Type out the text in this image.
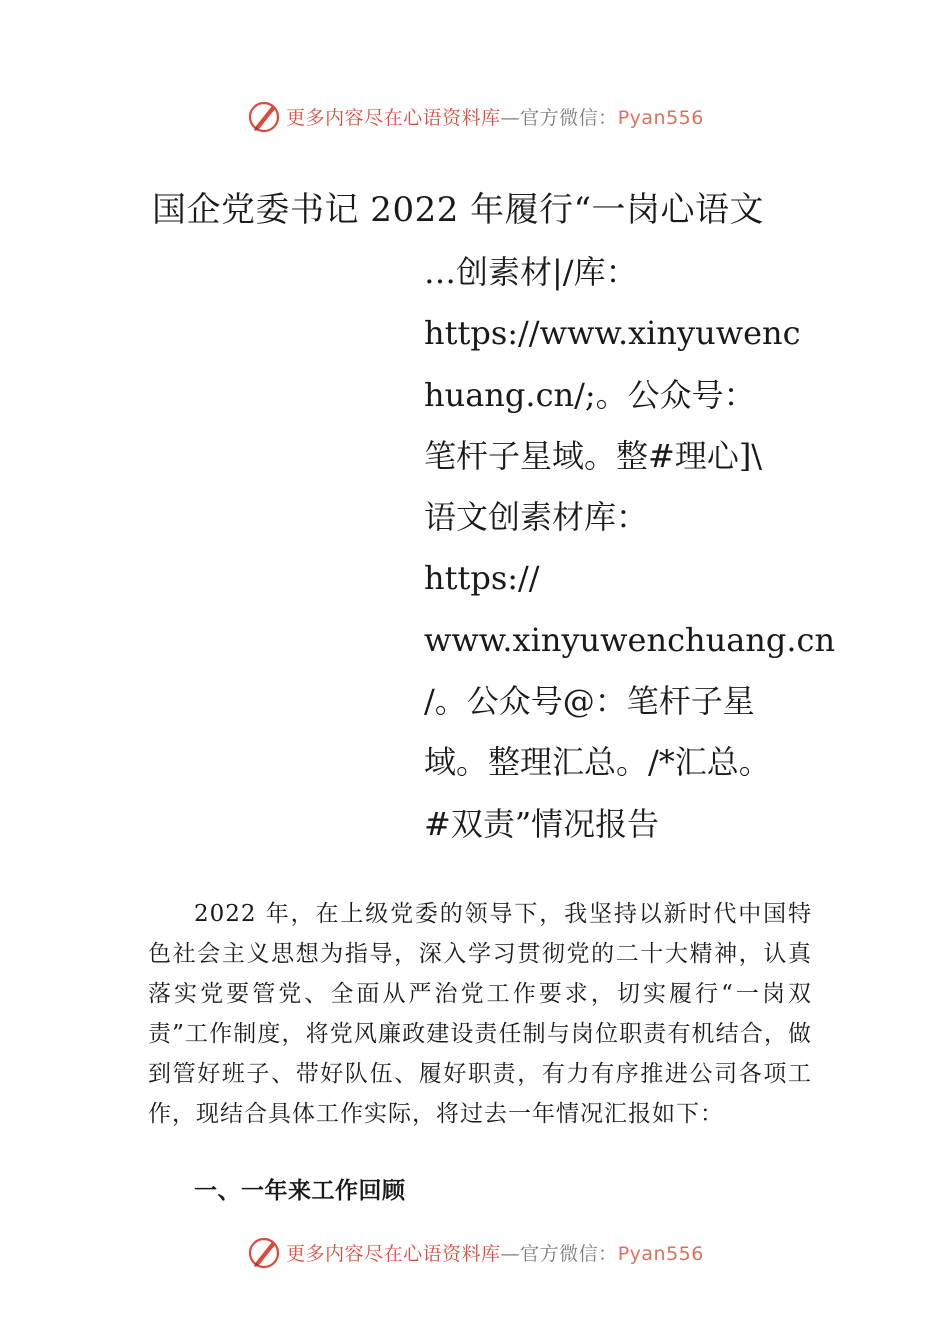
更多内容尽在心语资料库—官方微信：Pyan556
国企党委书记 2022 年履行“一岗心语文
…创素材|/库：
https://www.xinyuwenc
huang.cn/;。公众号：
笔杆子星域。整#理心]\
语文创素材库：
https://
www.xinyuwenchuang.cn
/。公众号@：笔杆子星
域。整理汇总。/*汇总。
#双责”情况报告
2022 年，在上级党委的领导下，我坚持以新时代中国特色社会主义思想为指导，深入学习贯彻党的二十大精神，认真落实党要管党、全面从严治党工作要求，切实履行“一岗双责”工作制度，将党风廉政建设责任制与岗位职责有机结合，做到管好班子、带好队伍、履好职责，有力有序推进公司各项工作，现结合具体工作实际，将过去一年情况汇报如下：
一、一年来工作回顾
更多内容尽在心语资料库—官方微信：Pyan556
